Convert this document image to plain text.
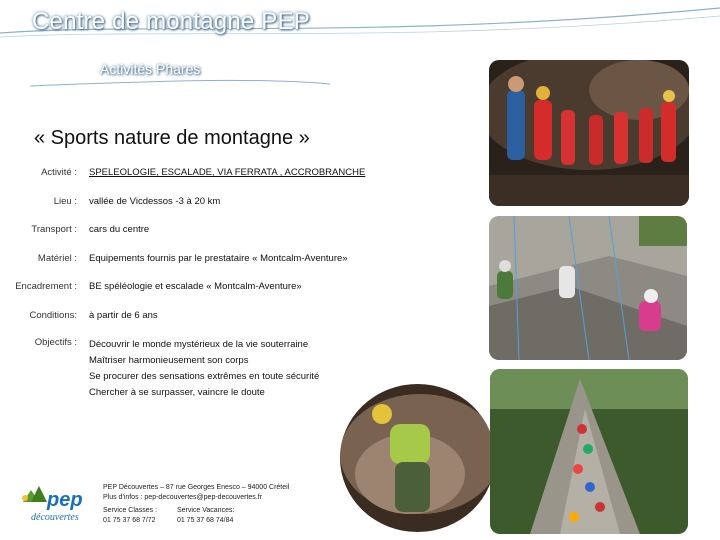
Centre de montagne PEP
Activités Phares
« Sports nature de montagne »
Activité : SPELEOLOGIE, ESCALADE, VIA FERRATA , ACCROBRANCHE
Lieu : vallée de Vicdessos -3 à 20 km
Transport : cars du centre
Matériel : Equipements fournis par le prestataire « Montcalm-Aventure»
Encadrement : BE spéléologie et escalade « Montcalm-Aventure»
Conditions: à partir de 6 ans
Objectifs : Découvrir le monde mystérieux de la vie souterraine
Maîtriser harmonieusement son corps
Se procurer des sensations extrêmes en toute sécurité
Chercher à se surpasser, vaincre le doute
pep
découvertes
PEP Découvertes – 87 rue Georges Enesco – 94000 Créteil
Plus d'infos : pep-decouvertes@pep-decouvertes.fr
Service Classes :	Service Vacances:
01 75 37 68 7/72	01 75 37 68 74/84
